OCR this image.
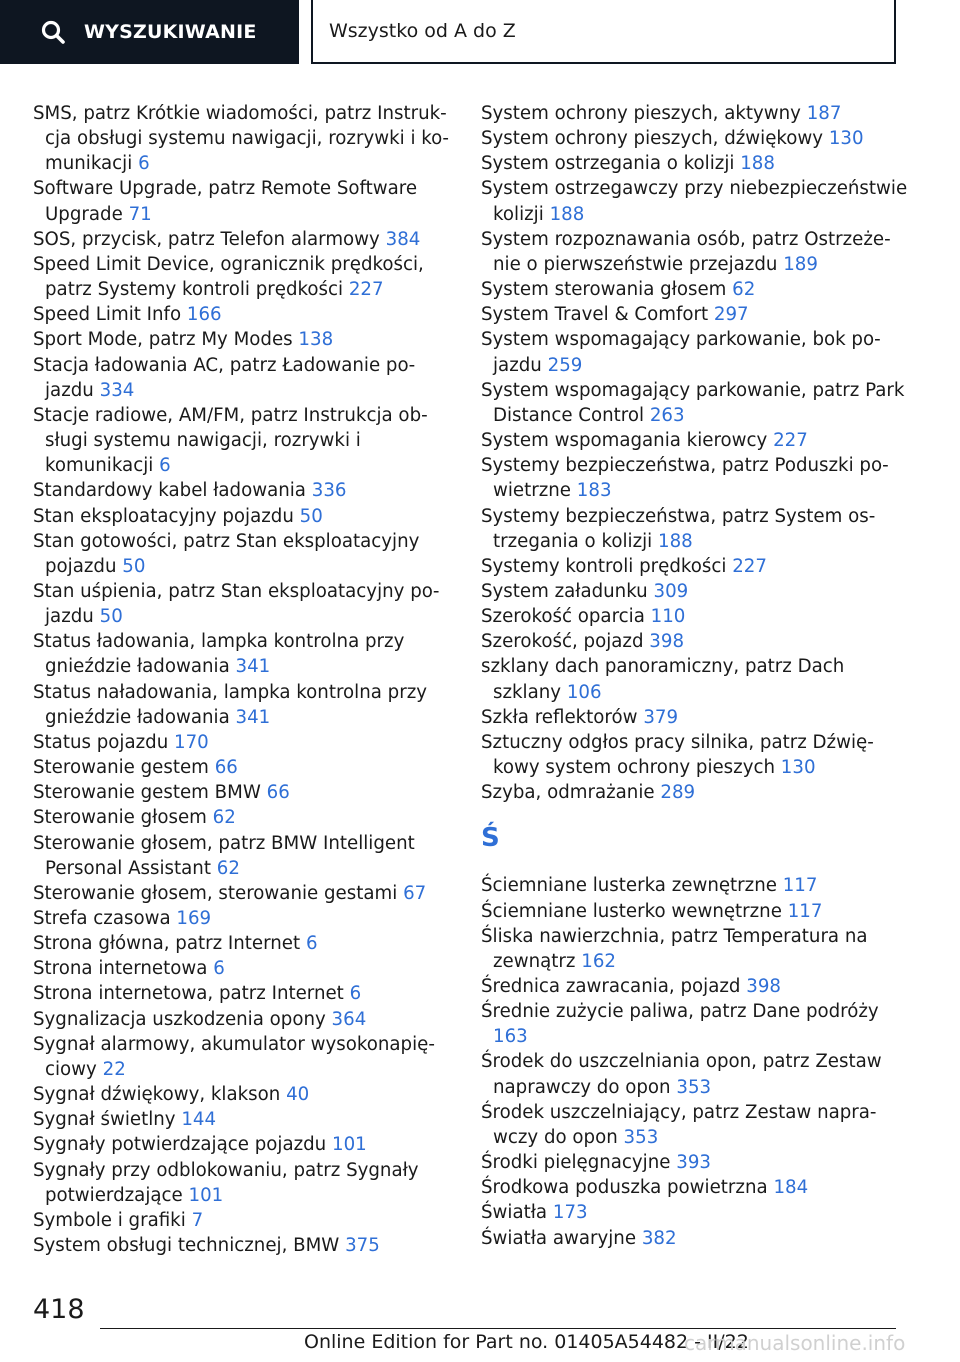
WYSZUKIWANIE	Wszystko od A do Z

SMS, patrz Krótkie wiadomości, patrz Instrukcja obsługi systemu nawigacji, rozrywki i komunikacji 6

Software Upgrade, patrz Remote Software Upgrade 71

SOS, przycisk, patrz Telefon alarmowy 384

Speed Limit Device, ogranicznik prędkości, patrz Systemy kontroli prędkości 227

Speed Limit Info 166

Sport Mode, patrz My Modes 138

Stacja ładowania AC, patrz Ładowanie pojazdu 334

Stacje radiowe, AM/FM, patrz Instrukcja obsługi systemu nawigacji, rozrywki i komunikacji 6

Standardowy kabel ładowania 336

Stan eksploatacyjny pojazdu 50

Stan gotowości, patrz Stan eksploatacyjny pojazdu 50

Stan uśpienia, patrz Stan eksploatacyjny pojazdu 50

Status ładowania, lampka kontrolna przy gnieździe ładowania 341

Status naładowania, lampka kontrolna przy gnieździe ładowania 341

Status pojazdu 170

Sterowanie gestem 66

Sterowanie gestem BMW 66

Sterowanie głosem 62

Sterowanie głosem, patrz BMW Intelligent Personal Assistant 62

Sterowanie głosem, sterowanie gestami 67

Strefa czasowa 169

Strona główna, patrz Internet 6

Strona internetowa 6

Strona internetowa, patrz Internet 6

Sygnalizacja uszkodzenia opony 364

Sygnał alarmowy, akumulator wysokonapięciowy 22

Sygnał dźwiękowy, klakson 40

Sygnał świetlny 144

Sygnały potwierdzające pojazdu 101

Sygnały przy odblokowaniu, patrz Sygnały potwierdzające 101

Symbole i grafiki 7

System obsługi technicznej, BMW 375

System ochrony pieszych, aktywny 187

System ochrony pieszych, dźwiękowy 130

System ostrzegania o kolizji 188

System ostrzegawczy przy niebezpieczeństwie kolizji 188

System rozpoznawania osób, patrz Ostrzeżenie o pierwszeństwie przejazdu 189

System sterowania głosem 62

System Travel & Comfort 297

System wspomagający parkowanie, bok pojazdu 259

System wspomagający parkowanie, patrz Park Distance Control 263

System wspomagania kierowcy 227

Systemy bezpieczeństwa, patrz Poduszki powietrzne 183

Systemy bezpieczeństwa, patrz System ostrzegania o kolizji 188

Systemy kontroli prędkości 227

System załadunku 309

Szerokość oparcia 110

Szerokość, pojazd 398

szklany dach panoramiczny, patrz Dach szklany 106

Szkła reflektorów 379

Sztuczny odgłos pracy silnika, patrz Dźwiękowy system ochrony pieszych 130

Szyba, odmrażanie 289

Ś

Ściemniane lusterka zewnętrzne 117

Ściemniane lusterko wewnętrzne 117

Śliska nawierzchnia, patrz Temperatura na zewnątrz 162

Średnica zawracania, pojazd 398

Średnie zużycie paliwa, patrz Dane podróży 163

Środek do uszczelniania opon, patrz Zestaw naprawczy do opon 353

Środek uszczelniający, patrz Zestaw naprawczy do opon 353

Środki pielęgnacyjne 393

Środkowa poduszka powietrzna 184

Światła 173

Światła awaryjne 382

418
Online Edition for Part no. 01405A54482 - II/22
carmanualsonline.info
